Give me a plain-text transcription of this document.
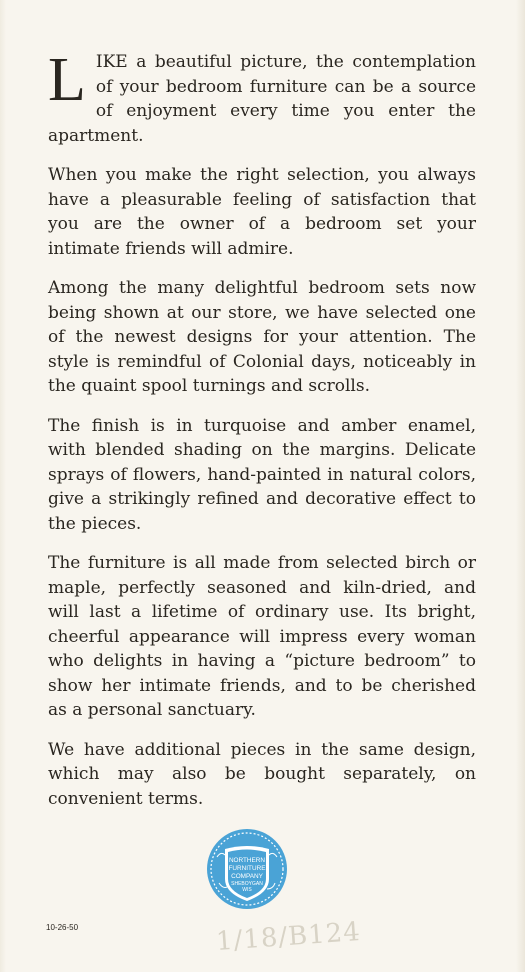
LIKE a beautiful picture, the contemplation of your bedroom furniture can be a source of enjoyment every time you enter the apartment.

When you make the right selection, you always have a pleasurable feeling of satisfaction that you are the owner of a bedroom set your intimate friends will admire.

Among the many delightful bedroom sets now being shown at our store, we have selected one of the newest designs for your attention. The style is remindful of Colonial days, noticeably in the quaint spool turnings and scrolls.

The finish is in turquoise and amber enamel, with blended shading on the margins. Delicate sprays of flowers, hand-painted in natural colors, give a strikingly refined and decorative effect to the pieces.

The furniture is all made from selected birch or maple, perfectly seasoned and kiln-dried, and will last a lifetime of ordinary use. Its bright, cheerful appearance will impress every woman who delights in having a “picture bedroom” to show her intimate friends, and to be cherished as a personal sanctuary.

We have additional pieces in the same design, which may also be bought separately, on convenient terms.

NORTHERN
FURNITURE
COMPANY
SHEBOYGAN
WIS
10-26-50	1/18/B124
